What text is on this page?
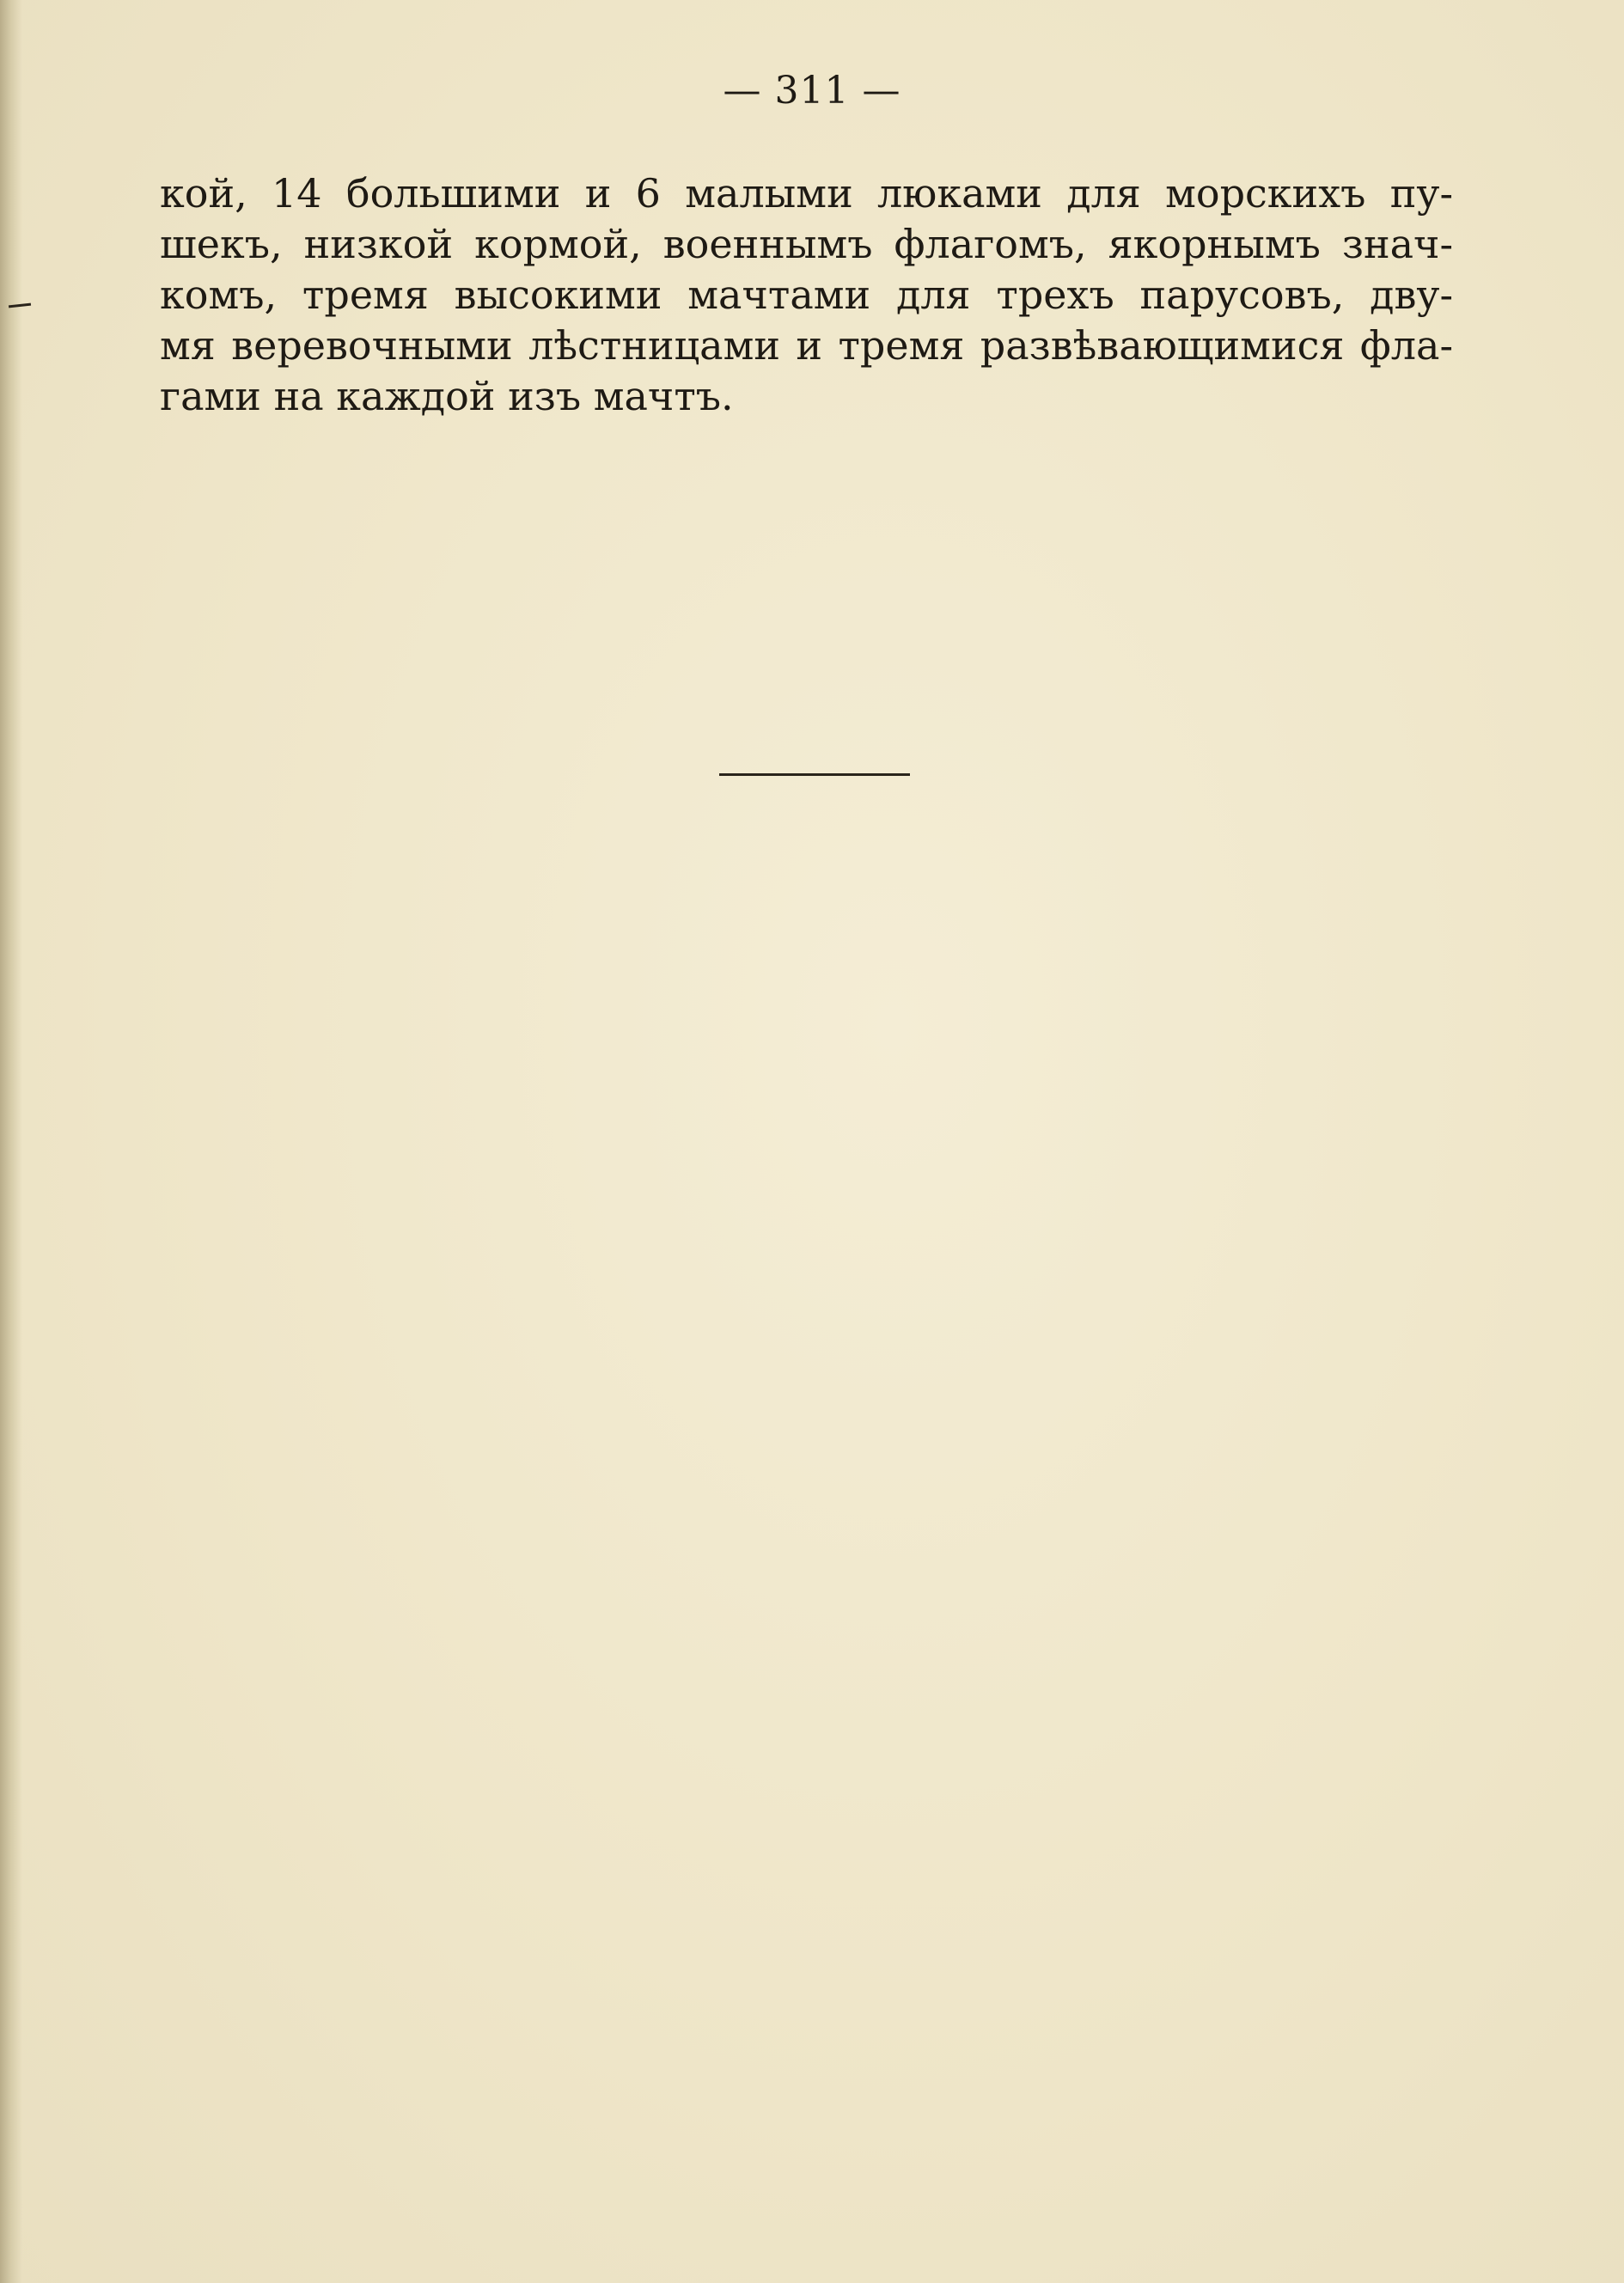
— 311 —
кой, 14 большими и 6 малыми люками для морскихъ пу-
шекъ, низкой кормой, военнымъ флагомъ, якорнымъ знач-
комъ, тремя высокими мачтами для трехъ парусовъ, дву-
мя веревочными лѣстницами и тремя развѣвающимися фла-
гами на каждой изъ мачтъ.
